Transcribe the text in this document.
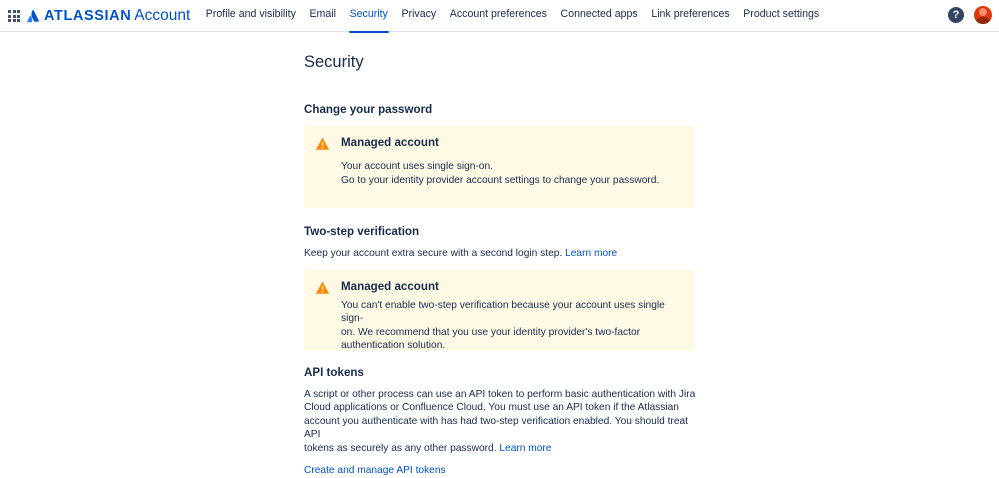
ATLASSIAN Account	Profile and visibility	Email	Security	Privacy	Account preferences	Connected apps	Link preferences	Product settings	?
Security
Change your password

Managed account

Your account uses single sign-on.

Go to your identity provider account settings to change your password.

Two-step verification

Keep your account extra secure with a second login step. Learn more

Managed account

You can't enable two-step verification because your account uses single sign-

on. We recommend that you use your identity provider's two-factor

authentication solution.

API tokens

A script or other process can use an API token to perform basic authentication with Jira

Cloud applications or Confluence Cloud. You must use an API token if the Atlassian

account you authenticate with has had two-step verification enabled. You should treat API

tokens as securely as any other password. Learn more

Create and manage API tokens
